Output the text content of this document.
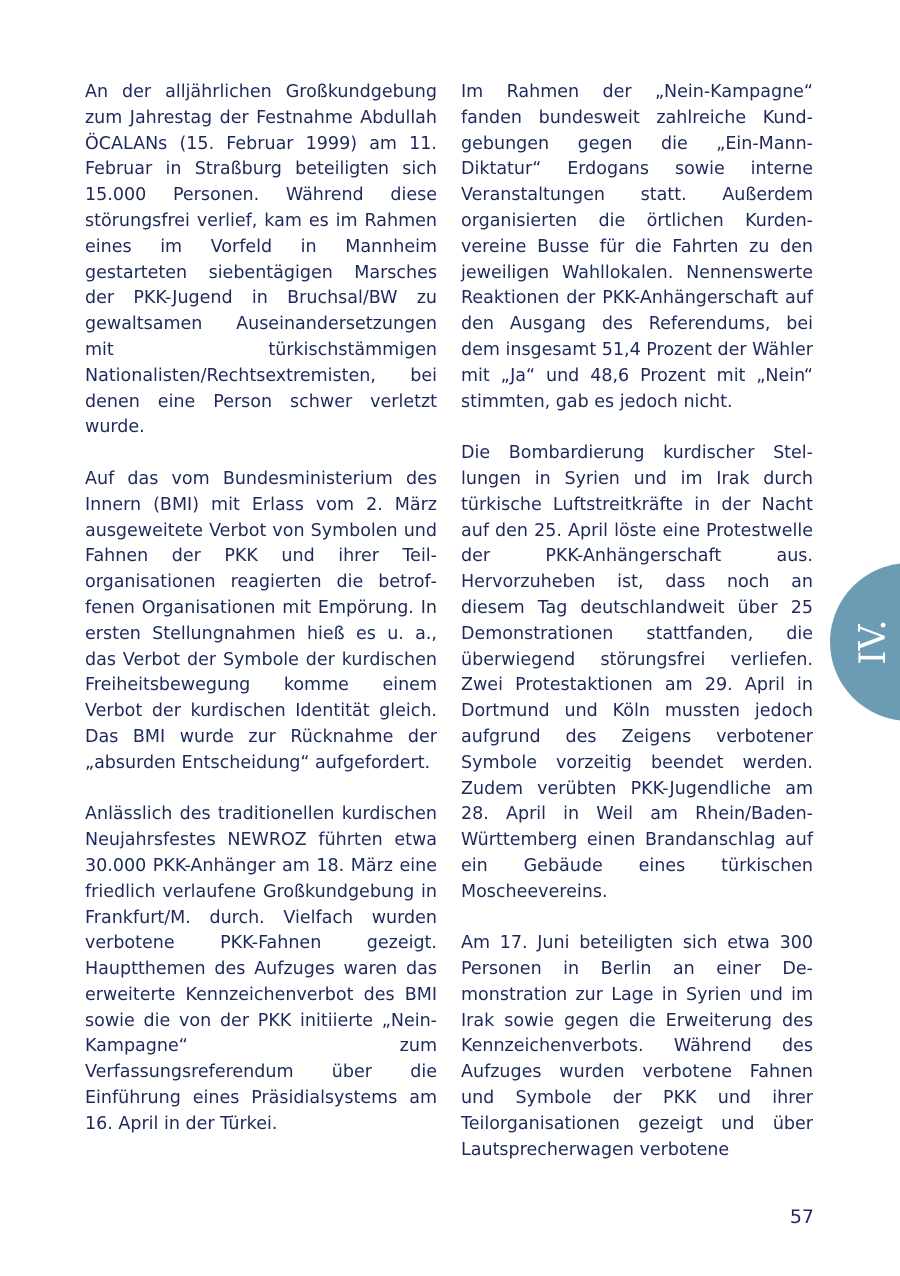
An der alljährlichen Großkundgebung zum Jahrestag der Festnahme Abdullah ÖCALANs (15. Februar 1999) am 11. Februar in Straßburg beteiligten sich 15.000 Personen. Während diese störungsfrei verlief, kam es im Rahmen eines im Vorfeld in Mannheim gestarteten siebentägigen Marsches der PKK-Jugend in Bruchsal/BW zu gewaltsamen Auseinandersetzungen mit türkischstämmigen Nationalisten/Rechtsextremisten, bei denen eine Person schwer verletzt wurde.

Auf das vom Bundesministerium des Innern (BMI) mit Erlass vom 2. März ausgeweitete Verbot von Symbolen und Fahnen der PKK und ihrer Teilorganisationen reagierten die betroffenen Organisationen mit Empörung. In ersten Stellungnahmen hieß es u. a., das Verbot der Symbole der kurdischen Freiheitsbewegung komme einem Verbot der kurdischen Identität gleich. Das BMI wurde zur Rücknahme der „absurden Entscheidung“ aufgefordert.

Anlässlich des traditionellen kurdischen Neujahrsfestes NEWROZ führten etwa 30.000 PKK-Anhänger am 18. März eine friedlich verlaufene Großkundgebung in Frankfurt/M. durch. Vielfach wurden verbotene PKK-Fahnen gezeigt. Hauptthemen des Aufzuges waren das erweiterte Kennzeichenverbot des BMI sowie die von der PKK initiierte „Nein-Kampagne“ zum Verfassungsreferendum über die Einführung eines Präsidialsystems am 16. April in der Türkei.

Im Rahmen der „Nein-Kampagne“ fanden bundesweit zahlreiche Kundgebungen gegen die „Ein-Mann-Diktatur“ Erdogans sowie interne Veranstaltungen statt. Außerdem organisierten die örtlichen Kurdenvereine Busse für die Fahrten zu den jeweiligen Wahllokalen. Nennenswerte Reaktionen der PKK-Anhängerschaft auf den Ausgang des Referendums, bei dem insgesamt 51,4 Prozent der Wähler mit „Ja“ und 48,6 Prozent mit „Nein“ stimmten, gab es jedoch nicht.

Die Bombardierung kurdischer Stellungen in Syrien und im Irak durch türkische Luftstreitkräfte in der Nacht auf den 25. April löste eine Protestwelle der PKK-Anhängerschaft aus. Hervorzuheben ist, dass noch an diesem Tag deutschlandweit über 25 Demonstrationen stattfanden, die überwiegend störungsfrei verliefen. Zwei Protestaktionen am 29. April in Dortmund und Köln mussten jedoch aufgrund des Zeigens verbotener Symbole vorzeitig beendet werden. Zudem verübten PKK-Jugendliche am 28. April in Weil am Rhein/Baden-Württemberg einen Brandanschlag auf ein Gebäude eines türkischen Moscheevereins.

Am 17. Juni beteiligten sich etwa 300 Personen in Berlin an einer Demonstration zur Lage in Syrien und im Irak sowie gegen die Erweiterung des Kennzeichenverbots. Während des Aufzuges wurden verbotene Fahnen und Symbole der PKK und ihrer Teilorganisationen gezeigt und über Lautsprecherwagen verbotene

IV.
57
